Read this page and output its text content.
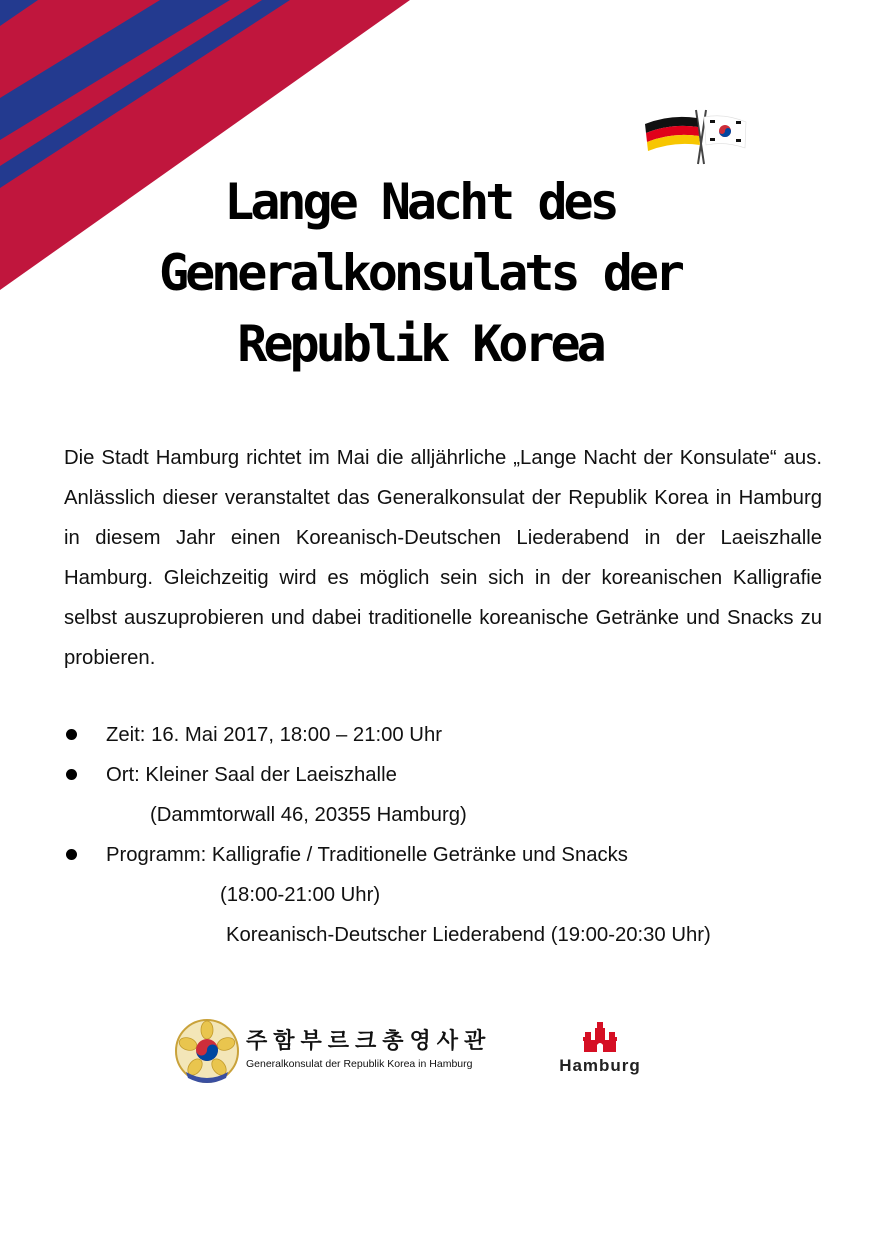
Lange Nacht des
Generalkonsulats der
Republik Korea
Die Stadt Hamburg richtet im Mai die alljährliche „Lange Nacht der Konsulate“ aus. Anlässlich dieser veranstaltet das Generalkonsulat der Republik Korea in Hamburg in diesem Jahr einen Koreanisch-Deutschen Liederabend in der Laeiszhalle Hamburg. Gleichzeitig wird es möglich sein sich in der koreanischen Kalligrafie selbst auszuprobieren und dabei traditionelle koreanische Getränke und Snacks zu probieren.
Zeit: 16. Mai 2017, 18:00 – 21:00 Uhr
Ort: Kleiner Saal der Laeiszhalle
(Dammtorwall 46, 20355 Hamburg)
Programm: Kalligrafie / Traditionelle Getränke und Snacks
(18:00-21:00 Uhr)
Koreanisch-Deutscher Liederabend (19:00-20:30 Uhr)
주함부르크총영사관
Generalkonsulat der Republik Korea in Hamburg	Hamburg
